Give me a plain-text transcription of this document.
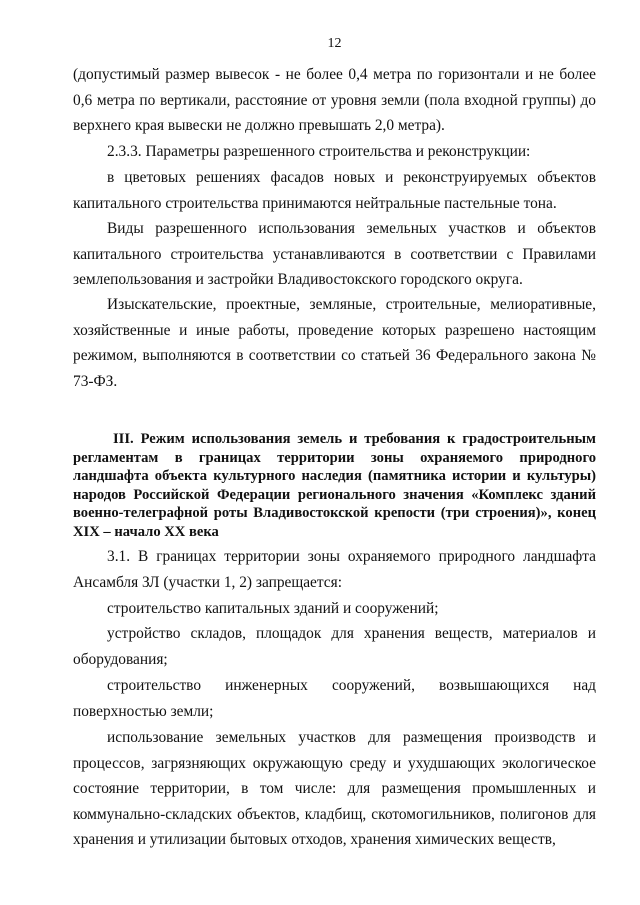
12

(допустимый размер вывесок - не более 0,4 метра по горизонтали и не более 0,6 метра по вертикали, расстояние от уровня земли (пола входной группы) до верхнего края вывески не должно превышать 2,0 метра).

2.3.3. Параметры разрешенного строительства и реконструкции:

в цветовых решениях фасадов новых и реконструируемых объектов капитального строительства принимаются нейтральные пастельные тона.

Виды разрешенного использования земельных участков и объектов капитального строительства устанавливаются в соответствии с Правилами землепользования и застройки Владивостокского городского округа.

Изыскательские, проектные, земляные, строительные, мелиоративные, хозяйственные и иные работы, проведение которых разрешено настоящим режимом, выполняются в соответствии со статьей 36 Федерального закона № 73-ФЗ.

III. Режим использования земель и требования к градостроительным регламентам в границах территории зоны охраняемого природного ландшафта объекта культурного наследия (памятника истории и культуры) народов Российской Федерации регионального значения «Комплекс зданий военно-телеграфной роты Владивостокской крепости (три строения)», конец XIX – начало XX века

3.1. В границах территории зоны охраняемого природного ландшафта Ансамбля ЗЛ (участки 1, 2) запрещается:

строительство капитальных зданий и сооружений;

устройство складов, площадок для хранения веществ, материалов и оборудования;

строительство инженерных сооружений, возвышающихся над поверхностью земли;

использование земельных участков для размещения производств и процессов, загрязняющих окружающую среду и ухудшающих экологическое состояние территории, в том числе: для размещения промышленных и коммунально-складских объектов, кладбищ, скотомогильников, полигонов для хранения и утилизации бытовых отходов, хранения химических веществ,
